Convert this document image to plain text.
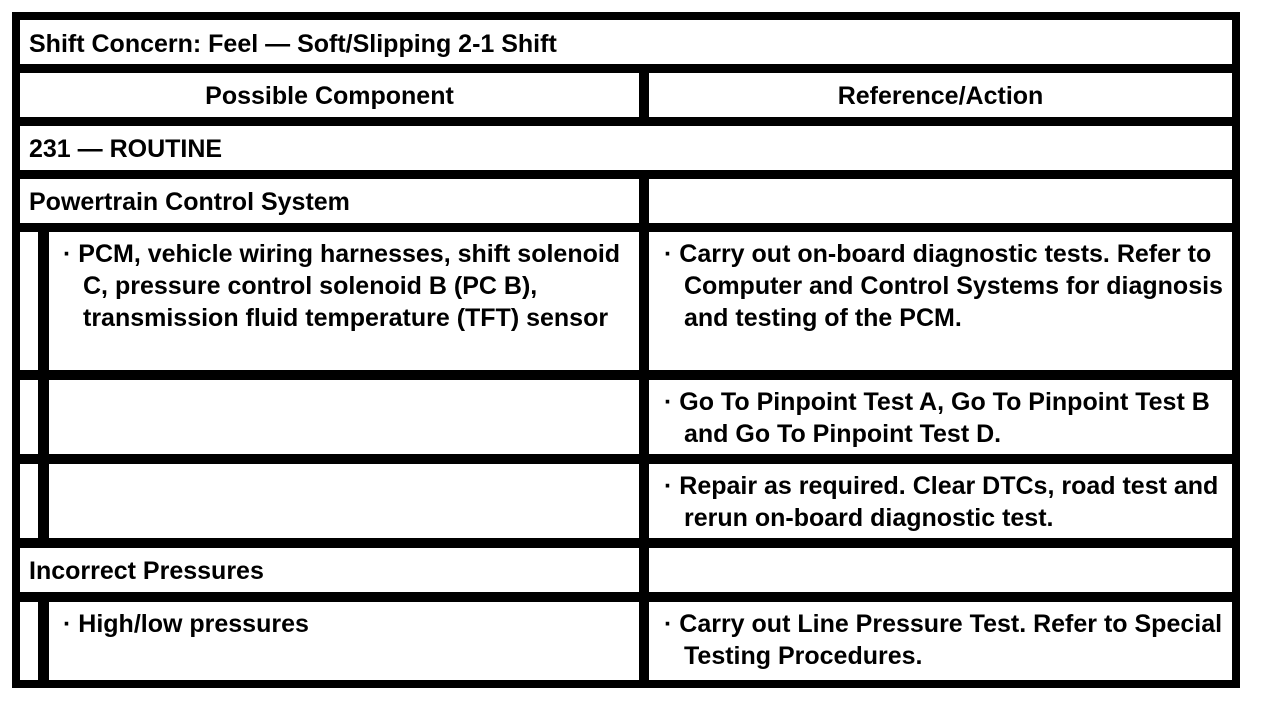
Shift Concern: Feel — Soft/Slipping 2-1 Shift
Possible Component	Reference/Action
231 — ROUTINE
Powertrain Control System
· PCM, vehicle wiring harnesses, shift solenoid C, pressure control solenoid B (PC B), transmission fluid temperature (TFT) sensor
· Carry out on-board diagnostic tests. Refer to Computer and Control Systems for diagnosis and testing of the PCM.
· Go To Pinpoint Test A, Go To Pinpoint Test B and Go To Pinpoint Test D.
· Repair as required. Clear DTCs, road test and rerun on-board diagnostic test.
Incorrect Pressures
· High/low pressures	· Carry out Line Pressure Test. Refer to Special Testing Procedures.
